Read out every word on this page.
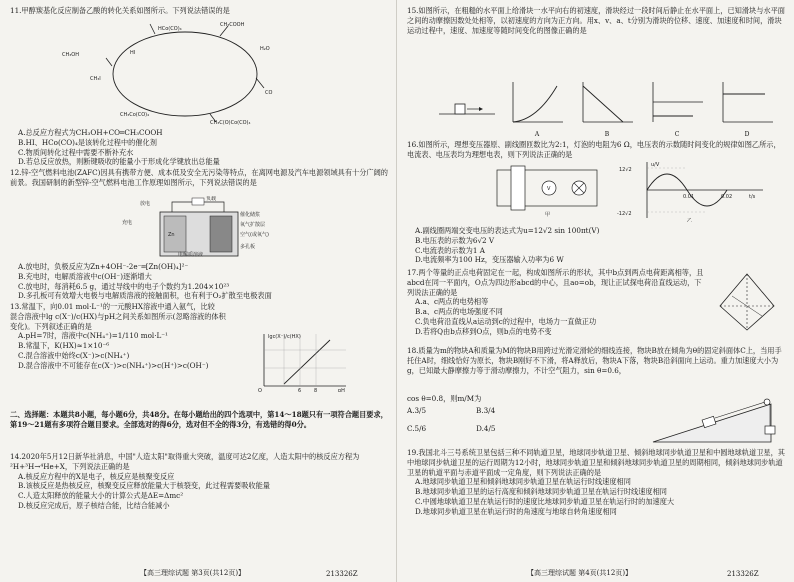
11.甲醇羰基化反应制备乙酸的转化关系如图所示。下列说法错误的是

CH₃OH
HCo(CO)₄
CH₃I
HI
CH₃COOH
CH₃Co(CO)₄
CO
H₂O
CH₃C(O)Co(CO)₄

A.总反应方程式为CH₃OH+CO═CH₃COOH

B.HI、HCo(CO)₄是该转化过程中的催化剂

C.物质间转化过程中需要不断补充水

D.若总反应放热，则断键吸收的能量小于形成化学键放出总能量

12.锌-空气燃料电池(ZAFC)因具有携带方便、成本低及安全无污染等特点，在离网电源及汽车电源领域具有十分广阔的前景。我国研制的新型锌-空气燃料电池工作原理如图所示，下列说法错误的是

放电
负载
充电
催化储浆
氧气扩散层
空气(或氧气)
多孔板
Zn
电解质溶液

A.放电时，负极反应为Zn+4OH⁻-2e⁻═[Zn(OH)₄]²⁻

B.充电时，电解质溶液中c(OH⁻)逐渐增大

C.放电时，每消耗6.5 g，通过导线中的电子个数约为1.204×10²³

D.多孔板可有效增大电极与电解质溶液的接触面积，也有利于O₂扩散至电极表面

13.常温下，向0.01 mol·L⁻¹的一元酸HX溶液中通入氨气，比较

混合溶液中lg c(X⁻)/c(HX)与pH之间关系如图所示(忽略溶液的体积

变化)。下列叙述正确的是

A.pH=7时，溶液中c(NH₄⁺)=1/110 mol·L⁻¹

B.常温下，K(HX)≈1×10⁻⁶

C.混合溶液中始终c(X⁻)>c(NH₄⁺)

D.混合溶液中不可能存在c(X⁻)>c(NH₄⁺)>c(H⁺)>c(OH⁻)

lgc(X⁻)/c(HX)
pH
O	6	8

二、选择题：本题共8小题，每小题6分，共48分。在每小题给出的四个选项中，第14～18题只有一项符合题目要求，第19～21题有多项符合题目要求。全部选对的得6分，选对但不全的得3分，有选错的得0分。

14.2020年5月12日新华社消息，中国"人造太阳"取得重大突破，温度可达2亿度，人造太阳中的核反应方程为²H+³H→⁴He+X，下列说法正确的是

A.核反应方程中的X是电子，核反应是核聚变反应

B.该核反应是热核反应，核聚变反应释放能量大于核裂变，此过程需要吸收能量

C.人造太阳释放的能量大小的计算公式是ΔE=Δmc²

D.核反应完成后，原子核结合能，比结合能减小

【高三理综试题 第3页(共12页)】	213326Z

15.如图所示，在粗糙的水平面上给滑块一水平向右的初速度，滑块经过一段时间后静止在水平面上，已知滑块与水平面之间的动摩擦因数处处相等，以初速度的方向为正方向。用x、v、a、t分别为滑块的位移、速度、加速度和时间，滑块运动过程中，速度、加速度等随时间变化的图像正确的是

A	B	C	D

16.如图所示，理想变压器原、副线圈匝数比为2:1，灯泡的电阻为6 Ω，电压表的示数随时间变化的规律如图乙所示，电流表、电压表均为理想电表，则下列说法正确的是

V
甲
u/V
12√2
0.01	0.02	t/s
-12√2
乙

A.副线圈两端交变电压的表达式为u=12√2 sin 100πt(V)

B.电压表的示数为6√2 V

C.电流表的示数为1 A

D.电流频率为100 Hz，变压器输入功率为6 W

17.两个等量的正点电荷固定在一起，构成如图所示的形状，其中b点到两点电荷距离相等，且abcd在同一平面内，O点为四边形abcd的中心，且ao=ob，现让正试探电荷沿直线运动，下列说法正确的是

A.a、c两点的电势相等

B.a、c两点的电场强度不同

C.负电荷沿直线从a运动到c的过程中，电场力一直做正功

D.若将Q由b点移到O点，则b点的电势不变

18.质量为m的物块A和质量为M的物块B用跨过光滑定滑轮的细线连接，物块B放在倾角为θ的固定斜面体C上，当用手托住A时，细线恰好为原长，物块B刚好不下滑，将A释放后，物块A下落，物块B沿斜面向上运动。重力加速度大小为g，已知最大静摩擦力等于滑动摩擦力，不计空气阻力，sin θ=0.6，

cos θ=0.8，则m/M为

A.3/5	B.3/4
C.5/6	D.4/5

19.我国北斗三号系统卫星包括三种不同轨道卫星，地球同步轨道卫星、倾斜地球同步轨道卫星和中圆地球轨道卫星，其中地球同步轨道卫星的运行周期为12小时，地球同步轨道卫星和倾斜地球同步轨道卫星的周期相同，倾斜地球同步轨道卫星的轨道平面与赤道平面成一定角度，则下列说法正确的是

A.地球同步轨道卫星和倾斜地球同步轨道卫星在轨运行时线速度相同

B.地球同步轨道卫星的运行高度和倾斜地球同步轨道卫星在轨运行时线速度相同

C.中圆地球轨道卫星在轨运行时的速度比地球同步轨道卫星在轨运行时的加速度大

D.地球同步轨道卫星在轨运行时的角速度与地球自转角速度相同

【高三理综试题 第4页(共12页)】	213326Z
